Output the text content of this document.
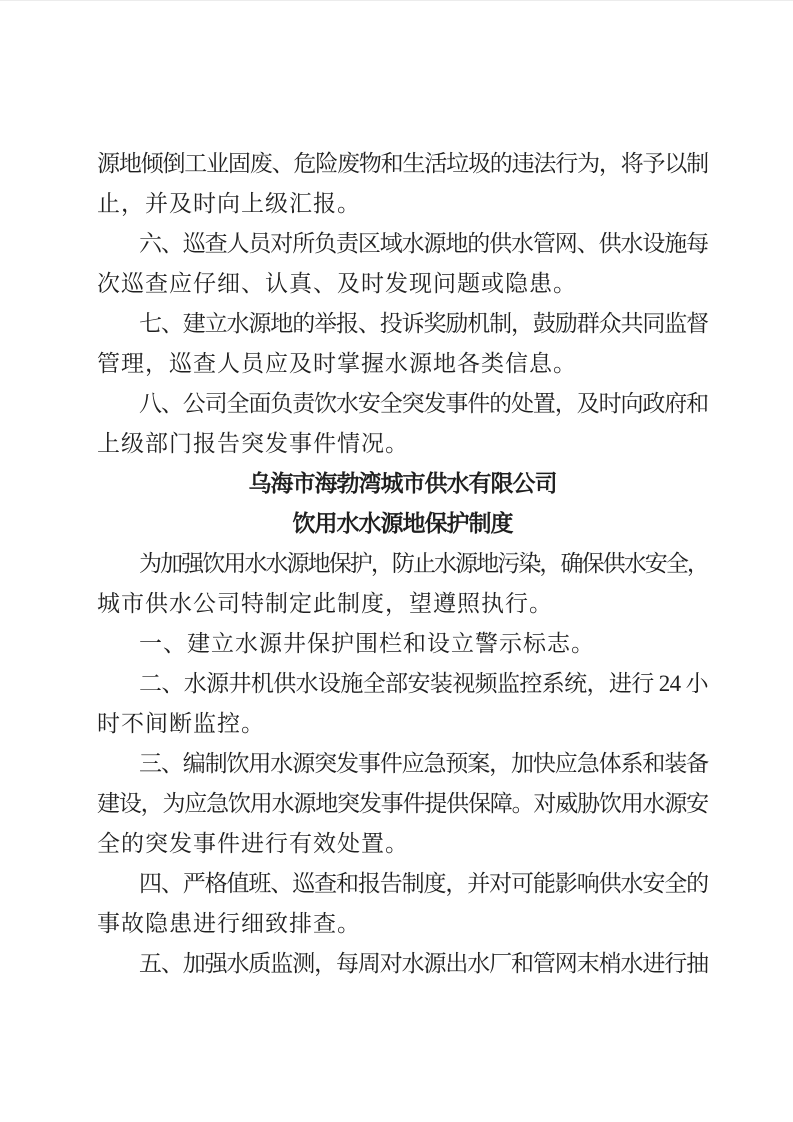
源地倾倒工业固废、危险废物和生活垃圾的违法行为，将予以制
止，并及时向上级汇报。
六、巡查人员对所负责区域水源地的供水管网、供水设施每
次巡查应仔细、认真、及时发现问题或隐患。
七、建立水源地的举报、投诉奖励机制，鼓励群众共同监督
管理，巡查人员应及时掌握水源地各类信息。
八、公司全面负责饮水安全突发事件的处置，及时向政府和
上级部门报告突发事件情况。
乌海市海勃湾城市供水有限公司
饮用水水源地保护制度
为加强饮用水水源地保护，防止水源地污染，确保供水安全，
城市供水公司特制定此制度，望遵照执行。
一、建立水源井保护围栏和设立警示标志。
二、水源井机供水设施全部安装视频监控系统，进行 24 小
时不间断监控。
三、编制饮用水源突发事件应急预案，加快应急体系和装备
建设，为应急饮用水源地突发事件提供保障。对威胁饮用水源安
全的突发事件进行有效处置。
四、严格值班、巡查和报告制度，并对可能影响供水安全的
事故隐患进行细致排查。
五、加强水质监测，每周对水源出水厂和管网末梢水进行抽
